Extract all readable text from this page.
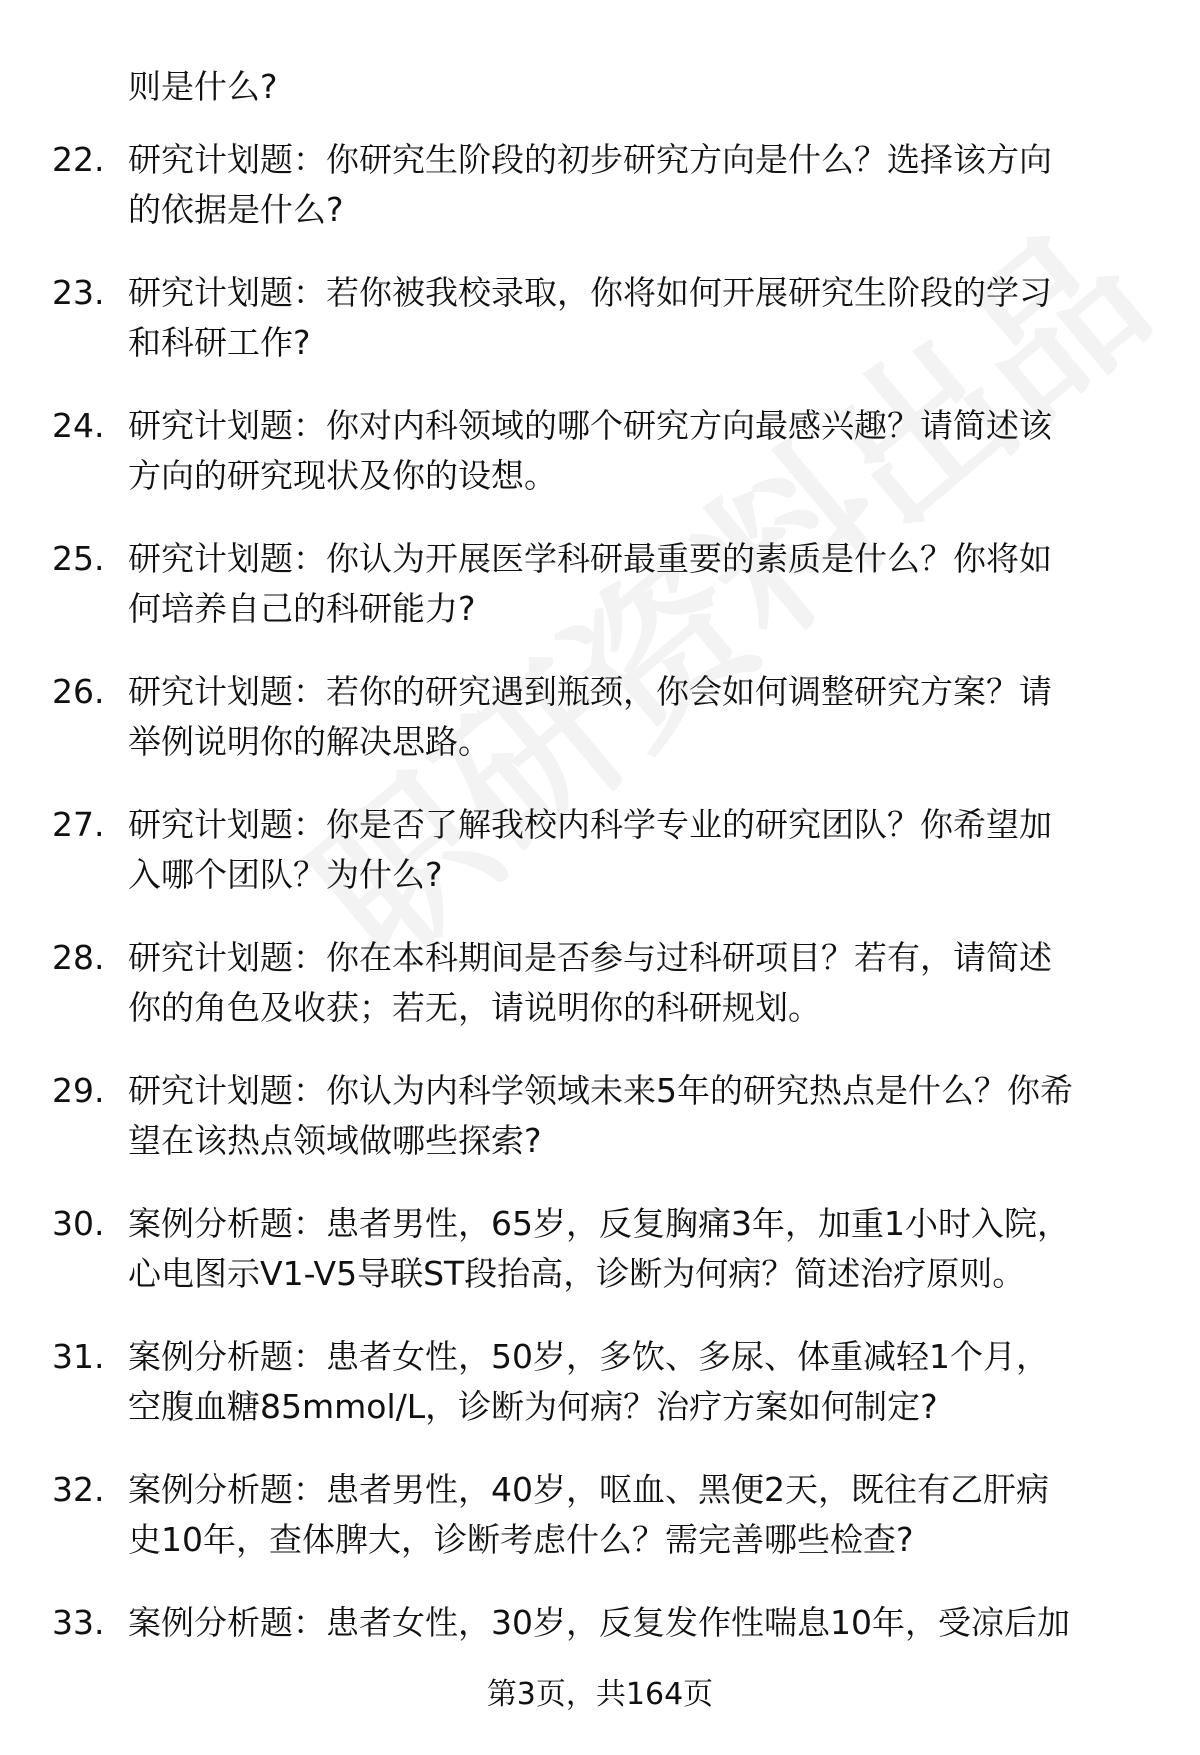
则是什么?
22. 研究计划题：你研究生阶段的初步研究方向是什么？选择该方向
的依据是什么?
23. 研究计划题：若你被我校录取，你将如何开展研究生阶段的学习
和科研工作?
24. 研究计划题：你对内科领域的哪个研究方向最感兴趣？请简述该
方向的研究现状及你的设想。
25. 研究计划题：你认为开展医学科研最重要的素质是什么？你将如
何培养自己的科研能力?
26. 研究计划题：若你的研究遇到瓶颈，你会如何调整研究方案？请
举例说明你的解决思路。
27. 研究计划题：你是否了解我校内科学专业的研究团队？你希望加
入哪个团队？为什么?
28. 研究计划题：你在本科期间是否参与过科研项目？若有，请简述
你的角色及收获；若无，请说明你的科研规划。
29. 研究计划题：你认为内科学领域未来5年的研究热点是什么？你希
望在该热点领域做哪些探索?
30. 案例分析题：患者男性，65岁，反复胸痛3年，加重1小时入院，
心电图示V1-V5导联ST段抬高，诊断为何病？简述治疗原则。
31. 案例分析题：患者女性，50岁，多饮、多尿、体重减轻1个月，
空腹血糖85mmol/L，诊断为何病？治疗方案如何制定?
32. 案例分析题：患者男性，40岁，呕血、黑便2天，既往有乙肝病
史10年，查体脾大，诊断考虑什么？需完善哪些检查?
33. 案例分析题：患者女性，30岁，反复发作性喘息10年，受凉后加
第3页，共164页
